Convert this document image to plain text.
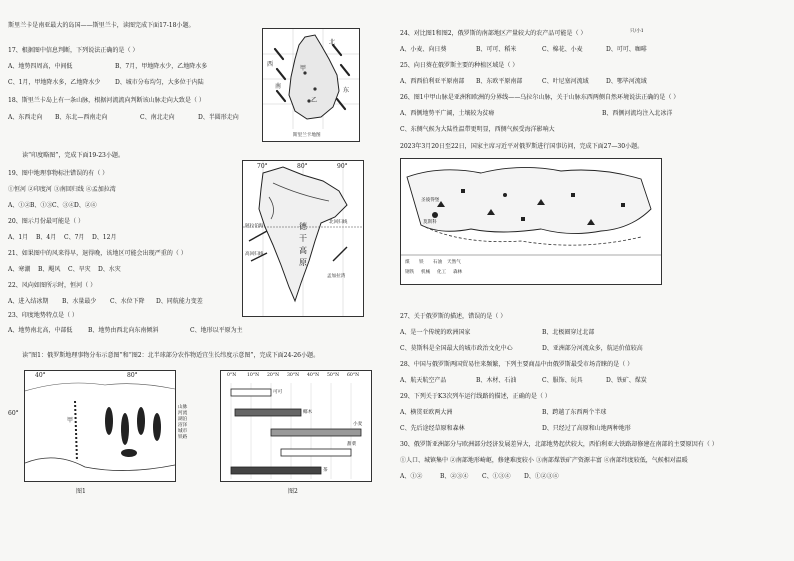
斯里兰卡是南亚最大的岛国——斯里兰卡，读图完成下面17-18小题。
17、根据图中信息判断，下列说法正确的是（ ）
A、地势四周高，中间低	B、7月，甲地降水少，乙地降水多
C、1月，甲地降水多，乙地降水少 D、城市分布均匀，大多位于内陆
18、斯里兰卡岛上有一条山脉，根据河流流向判断该山脉走向大致是（ ）
A、东西走向 B、东北—西南走向	C、南北走向	D、半圆形走向
甲
乙
北
东
南
西
斯里兰卡地图
读“印度略图”，完成下面19-23小题。
19、图中地理事物标注错误的有（ ）
①恒河 ②印度河 ③南回归线 ④孟加拉湾
A、①② B、①③ C、③④ D、②④
20、图示月份最可能是（ ）
A、1月 B、4月 C、7月 D、12月
21、如果图中的风来得早，退得晚，该地区可能会出现严重的（ ）
A、寒潮 B、飓风 C、旱灾 D、水灾
22、风向如图所示时，恒河（ ）
A、进入结冰期 B、水量最少 C、水位下降 D、同航能力变差
23、印度地势特点是（ ）
A、地势南北高，中部低	B、地势由西北向东南倾斜	C、地形以平原为主
70°	80°	90°
德
干
高
原
阿拉伯海
孟加拉湾
高回归线
北回归线
读“图1：俄罗斯地理事物分布示意图”和“图2：北半球部分农作物适宜生长纬度示意图”，完成下面24-26小题。
40°	80°
甲
60°
山脉
河流
湖泊
沼泽
城市
铁路
图1
0°N 10°N 20°N 30°N 40°N 50°N 60°N
可可
椰木
小麦
甜菜
茶
图2
24、对比图1和图2，俄罗斯的南部地区产量较大的农产品可能是（ ）	只/小1
A、小麦、向日葵	B、可可、稻米	C、棉花、小麦	D、可可、咖啡
25、向日葵在俄罗斯主要的种植区域是（ ）
A、西西伯利亚平原南部 B、东欧平原南部	C、叶尼塞河流域	D、鄂毕河流域
26、图1中甲山脉是亚洲和欧洲的分界线——乌拉尔山脉，关于山脉东西两侧自然环境说法正确的是（ ）
A、西侧地势平广阔，土壤较为贫瘠	B、西侧河流均注入北冰洋
C、东侧气候为大陆性温带更明显，西侧气候受海洋影响大
2023年3月20日至22日，国家主席习近平对俄罗斯进行国事访问，完成下面27—30小题。
莫斯科
圣彼得堡
煤 铁 石油 天然气
钢铁 机械 化工 森林
27、关于俄罗斯的描述，错误的是（ ）
A、是一个传统的欧洲国家	B、北极圈穿过北部
C、莫斯科是全国最大的城市政治文化中心	D、亚洲部分河流众多，航运价值较高
28、中国与俄罗斯两国贸易往来频繁，下列主要商品中由俄罗斯最受市场青睐的是（ ）
A、航天航空产品	B、木材、石油	C、服饰、玩具	D、铁矿、煤炭
29、下列关于K3次列车运行线路的描述，正确的是（ ）
A、横贯亚欧两大洲	B、跨越了东西两个半球
C、先后途经草原和森林	D、只经过了高原和山地两种地形
30、俄罗斯亚洲部分与欧洲部分经济发展差异大，北部地势起伏较大，西伯利亚大铁路却修建在南部的主要原因有（ ）
①人口、城镇集中 ②南部地形崎岖，修建难度较小 ③南部煤铁矿产资源丰富 ④南部纬度较低，气候相对温暖
A、①②	B、②③④ C、①③④ D、①②③④
